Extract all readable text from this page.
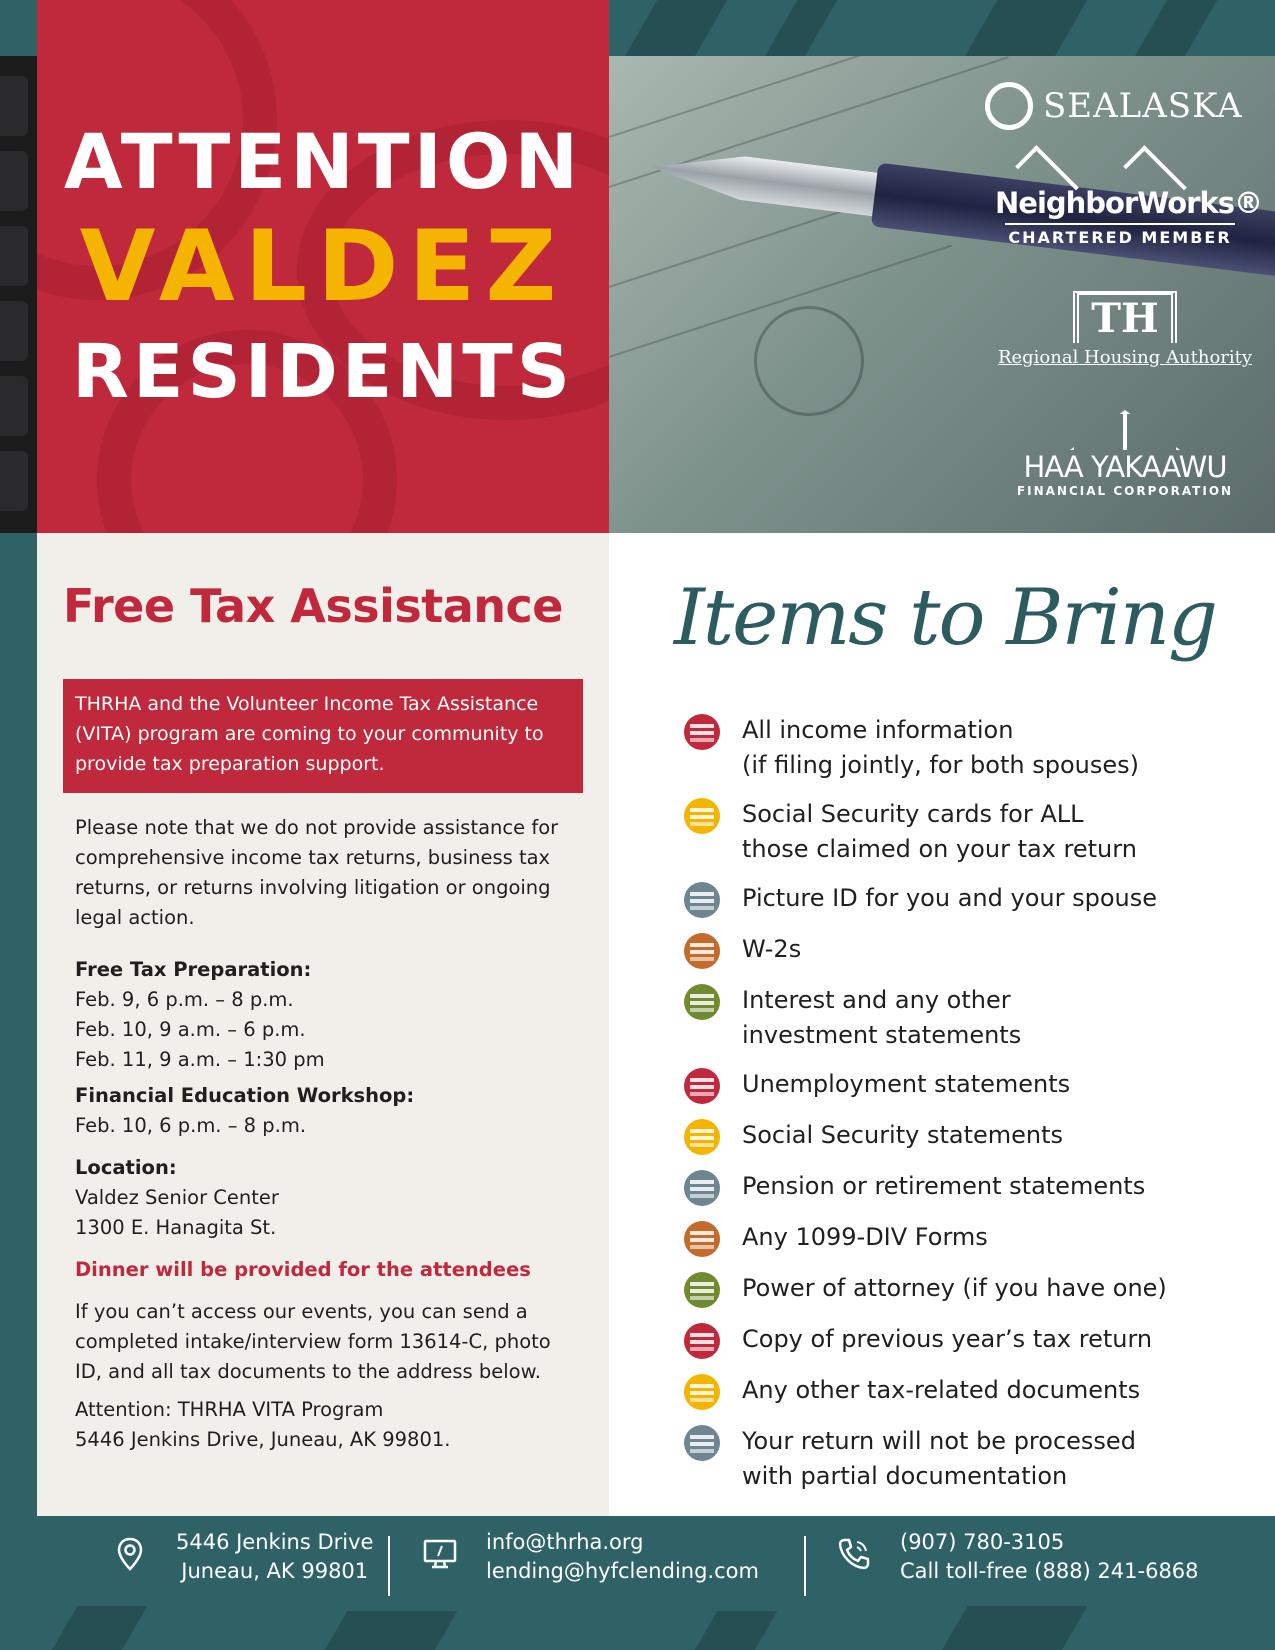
ATTENTION
VALDEZ
RESIDENTS
SEALASKA
NeighborWorks®
CHARTERED MEMBER
TH
Regional Housing Authority
HAA YAKAAWU
FINANCIAL CORPORATION
Free Tax Assistance
THRHA and the Volunteer Income Tax Assistance (VITA) program are coming to your community to provide tax preparation support.
Please note that we do not provide assistance for comprehensive income tax returns, business tax returns, or returns involving litigation or ongoing legal action.
Free Tax Preparation:
Feb. 9, 6 p.m. – 8 p.m.
Feb. 10, 9 a.m. – 6 p.m.
Feb. 11, 9 a.m. – 1:30 pm
Financial Education Workshop:
Feb. 10, 6 p.m. – 8 p.m.
Location:
Valdez Senior Center
1300 E. Hanagita St.
Dinner will be provided for the attendees
If you can’t access our events, you can send a completed intake/interview form 13614-C, photo ID, and all tax documents to the address below.
Attention: THRHA VITA Program
5446 Jenkins Drive, Juneau, AK 99801.
Items to Bring
All income information
(if filing jointly, for both spouses)
Social Security cards for ALL
those claimed on your tax return
Picture ID for you and your spouse
W-2s
Interest and any other
investment statements
Unemployment statements
Social Security statements
Pension or retirement statements
Any 1099-DIV Forms
Power of attorney (if you have one)
Copy of previous year’s tax return
Any other tax-related documents
Your return will not be processed
with partial documentation
5446 Jenkins Drive
Juneau, AK 99801
info@thrha.org
lending@hyfclending.com
(907) 780-3105
Call toll-free (888) 241-6868
